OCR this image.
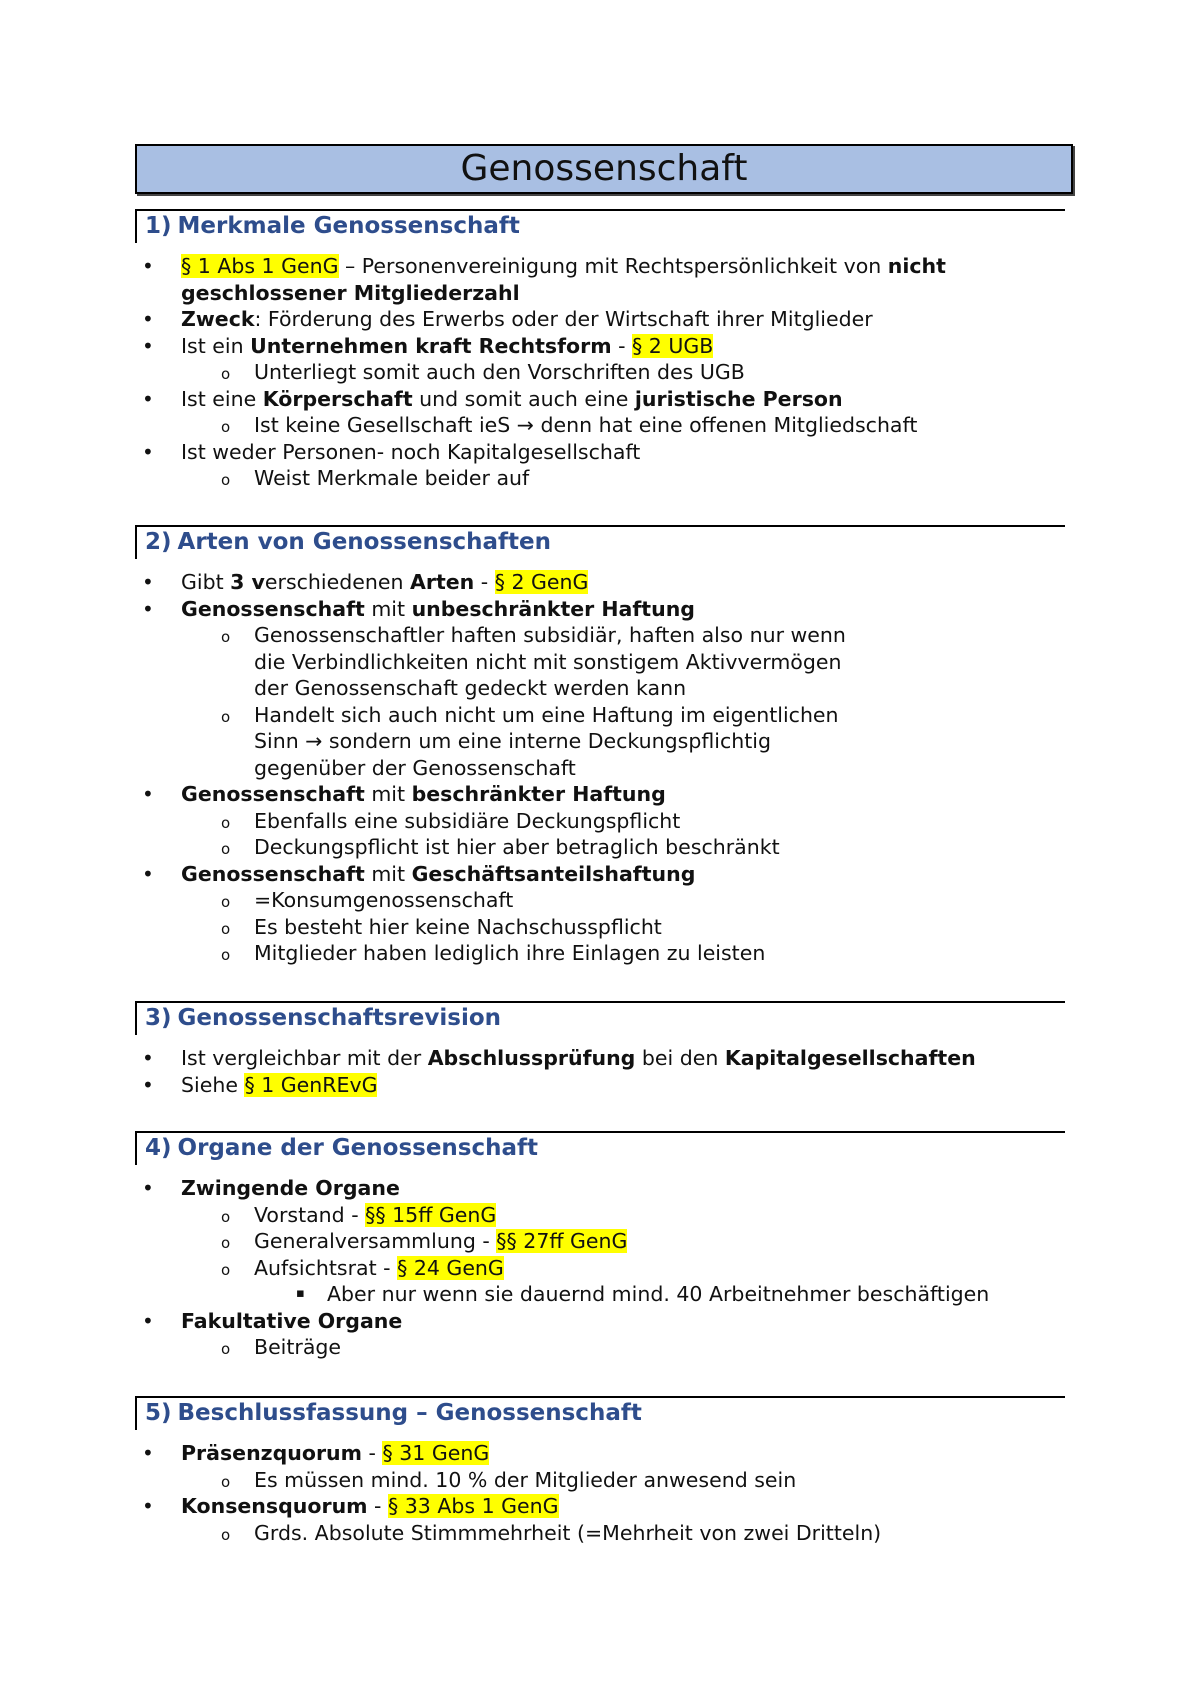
Genossenschaft
1) Merkmale Genossenschaft
• § 1 Abs 1 GenG – Personenvereinigung mit Rechtspersönlichkeit von nicht geschlossener Mitgliederzahl
• Zweck: Förderung des Erwerbs oder der Wirtschaft ihrer Mitglieder
• Ist ein Unternehmen kraft Rechtsform - § 2 UGB
o Unterliegt somit auch den Vorschriften des UGB
• Ist eine Körperschaft und somit auch eine juristische Person
o Ist keine Gesellschaft ieS → denn hat eine offenen Mitgliedschaft
• Ist weder Personen- noch Kapitalgesellschaft
o Weist Merkmale beider auf
2) Arten von Genossenschaften
• Gibt 3 verschiedenen Arten - § 2 GenG
• Genossenschaft mit unbeschränkter Haftung
o Genossenschaftler haften subsidiär, haften also nur wenn die Verbindlichkeiten nicht mit sonstigem Aktivvermögen der Genossenschaft gedeckt werden kann
o Handelt sich auch nicht um eine Haftung im eigentlichen Sinn → sondern um eine interne Deckungspflichtig gegenüber der Genossenschaft
• Genossenschaft mit beschränkter Haftung
o Ebenfalls eine subsidiäre Deckungspflicht
o Deckungspflicht ist hier aber betraglich beschränkt
• Genossenschaft mit Geschäftsanteilshaftung
o =Konsumgenossenschaft
o Es besteht hier keine Nachschusspflicht
o Mitglieder haben lediglich ihre Einlagen zu leisten
3) Genossenschaftsrevision
• Ist vergleichbar mit der Abschlussprüfung bei den Kapitalgesellschaften
• Siehe § 1 GenREvG
4) Organe der Genossenschaft
• Zwingende Organe
o Vorstand - §§ 15ff GenG
o Generalversammlung - §§ 27ff GenG
o Aufsichtsrat - § 24 GenG
▪ Aber nur wenn sie dauernd mind. 40 Arbeitnehmer beschäftigen
• Fakultative Organe
o Beiträge
5) Beschlussfassung – Genossenschaft
• Präsenzquorum - § 31 GenG
o Es müssen mind. 10 % der Mitglieder anwesend sein
• Konsensquorum - § 33 Abs 1 GenG
o Grds. Absolute Stimmmehrheit (=Mehrheit von zwei Dritteln)
